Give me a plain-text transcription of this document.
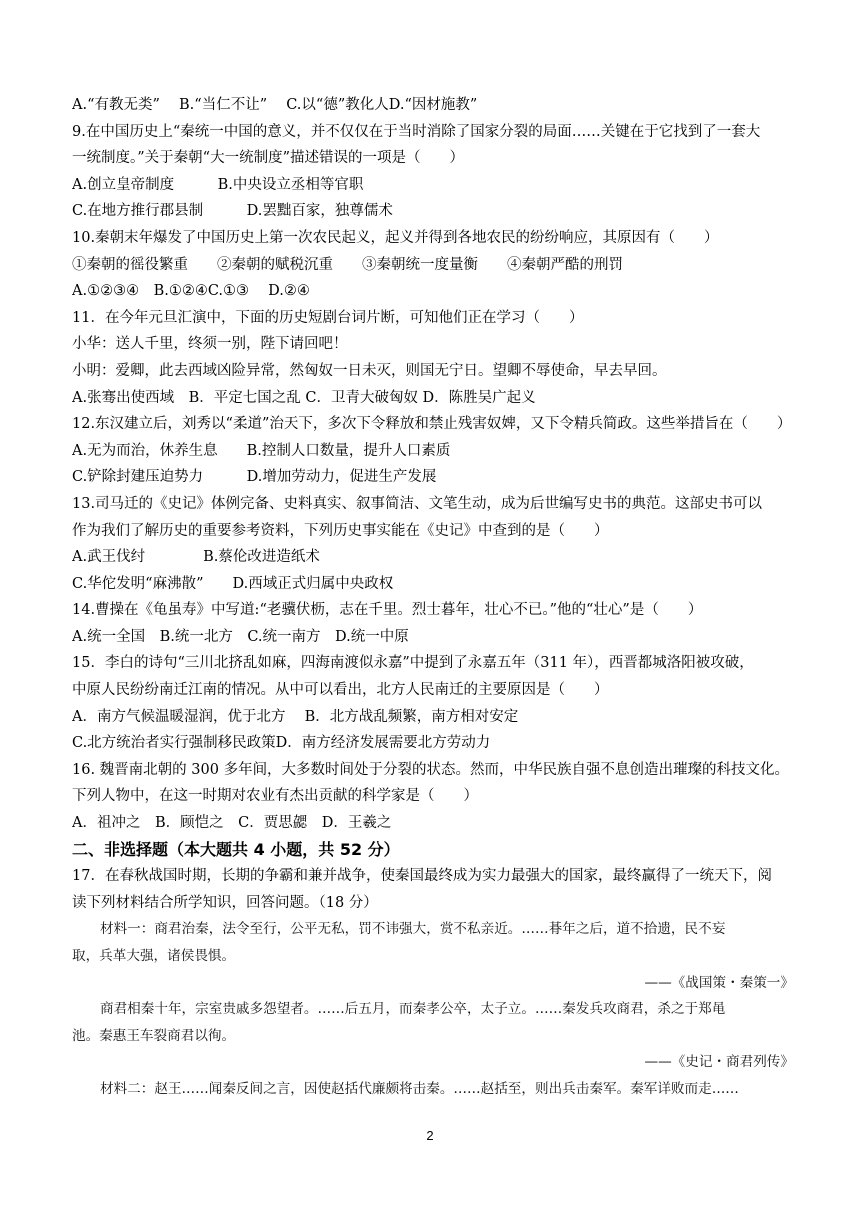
A.“有教无类”　 B.“当仁不让”　 C.以“德”教化人D.“因材施教”
9.在中国历史上“秦统一中国的意义，并不仅仅在于当时消除了国家分裂的局面……关键在于它找到了一套大
一统制度。”关于秦朝“大一统制度”描述错误的一项是（　　）
A.创立皇帝制度　　　B.中央设立丞相等官职
C.在地方推行郡县制　　　D.罢黜百家，独尊儒术
10.秦朝末年爆发了中国历史上第一次农民起义，起义并得到各地农民的纷纷响应，其原因有（　　）
①秦朝的徭役繁重　　②秦朝的赋税沉重　　③秦朝统一度量衡　　④秦朝严酷的刑罚
A.①②③④　B.①②④C.①③　 D.②④
11．在今年元旦汇演中，下面的历史短剧台词片断，可知他们正在学习（　　）
小华：送人千里，终须一别，陛下请回吧！
小明：爱卿，此去西域凶险异常，然匈奴一日未灭，则国无宁日。望卿不辱使命，早去早回。
A.张骞出使西域　B．平定七国之乱 C．卫青大破匈奴 D．陈胜吴广起义
12.东汉建立后，刘秀以“柔道”治天下，多次下令释放和禁止残害奴婢，又下令精兵简政。这些举措旨在（　　）
A.无为而治，休养生息　　B.控制人口数量，提升人口素质
C.铲除封建压迫势力　　　D.增加劳动力，促进生产发展
13.司马迁的《史记》体例完备、史料真实、叙事简洁、文笔生动，成为后世编写史书的典范。这部史书可以
作为我们了解历史的重要参考资料，下列历史事实能在《史记》中查到的是（　　）
A.武王伐纣　　　　B.蔡伦改进造纸术
C.华佗发明“麻沸散”　　D.西域正式归属中央政权
14.曹操在《龟虽寿》中写道:“老骥伏枥，志在千里。烈士暮年，壮心不已。”他的“壮心”是（　　）
A.统一全国　B.统一北方　C.统一南方　D.统一中原
15．李白的诗句“三川北挤乱如麻，四海南渡似永嘉”中提到了永嘉五年（311 年），西晋都城洛阳被攻破，
中原人民纷纷南迁江南的情况。从中可以看出，北方人民南迁的主要原因是（　　）
A．南方气候温暖湿润，优于北方　 B．北方战乱频繁，南方相对安定
C.北方统治者实行强制移民政策D．南方经济发展需要北方劳动力
16. 魏晋南北朝的 300 多年间，大多数时间处于分裂的状态。然而，中华民族自强不息创造出璀璨的科技文化。
下列人物中，在这一时期对农业有杰出贡献的科学家是（　　）
A．祖冲之　B．顾恺之　C．贾思勰　D．王羲之
二、非选择题（本大题共 4 小题，共 52 分）
17．在春秋战国时期，长期的争霸和兼并战争，使秦国最终成为实力最强大的国家，最终赢得了一统天下，阅
读下列材料结合所学知识，回答问题。（18 分）
材料一：商君治秦，法令至行，公平无私，罚不讳强大，赏不私亲近。……朞年之后，道不拾遗，民不妄
取，兵革大强，诸侯畏惧。
——《战国策・秦策一》
商君相秦十年，宗室贵戚多怨望者。……后五月，而秦孝公卒，太子立。……秦发兵攻商君，杀之于郑黾
池。秦惠王车裂商君以徇。
——《史记・商君列传》
材料二：赵王……闻秦反间之言，因使赵括代廉颇将击秦。……赵括至，则出兵击秦军。秦军详败而走……
2
